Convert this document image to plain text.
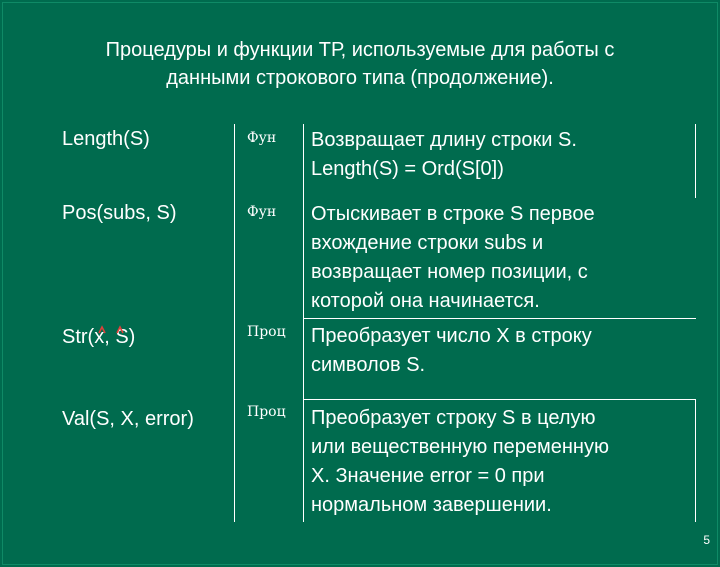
Процедуры и функции ТР, используемые для работы с
данными строкового типа (продолжение).
Length(S)	Фун Возвращает длину строки S.
Length(S) = Ord(S[0])
Pos(subs, S)	Фун Отыскивает в строке S первое
вхождение строки subs и
возвращает номер позиции, с
которой она начинается.
Str(x, S)	Проц Преобразует число X в строку
символов S.
Val(S, X, error)	Проц Преобразует строку S в целую
или вещественную переменную
X. Значение error = 0 при
нормальном завершении.
5
